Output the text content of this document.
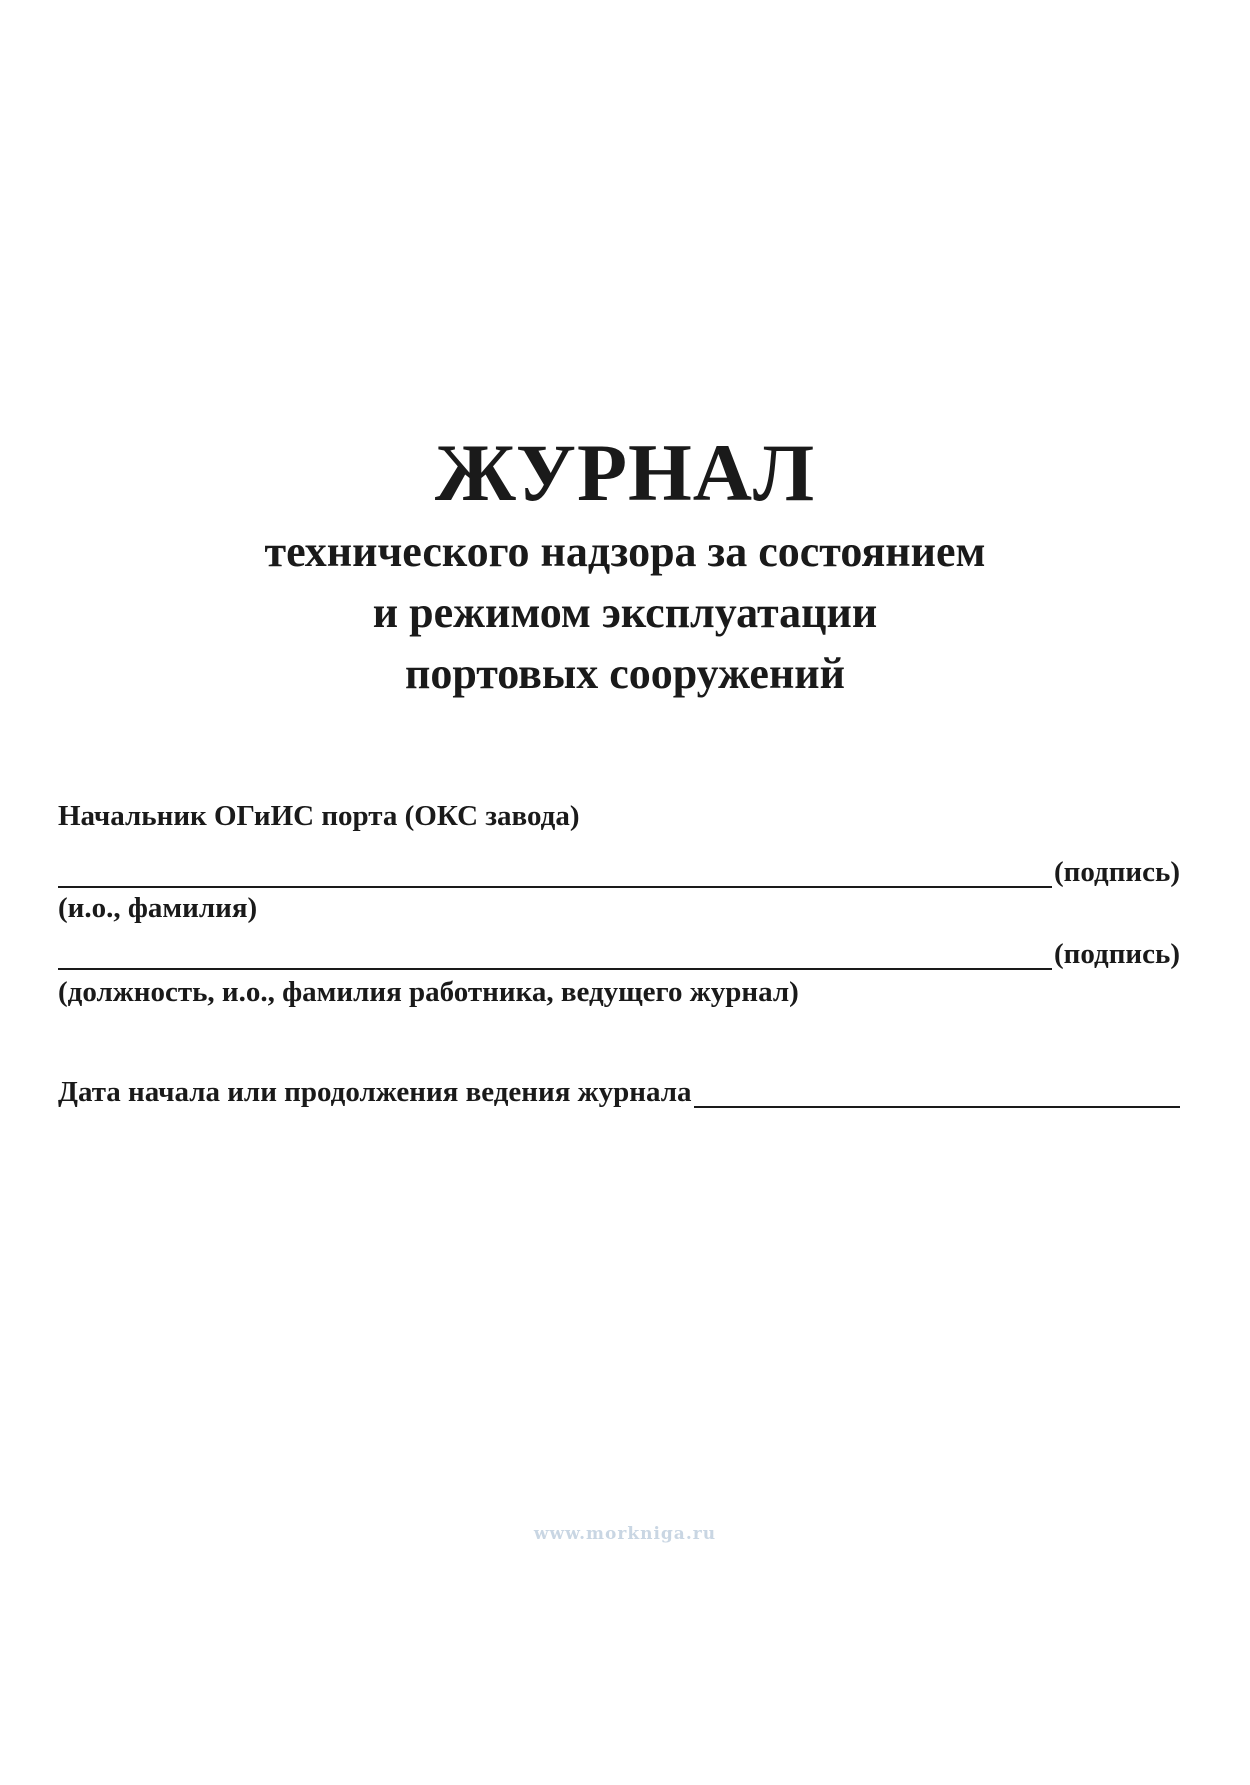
ЖУРНАЛ

технического надзора за состоянием

и режимом эксплуатации

портовых сооружений

Начальник ОГиИС порта (ОКС завода)
(подпись)
(и.о., фамилия)
(подпись)
(должность, и.о., фамилия работника, ведущего журнал)
Дата начала или продолжения ведения журнала
www.morkniga.ru
